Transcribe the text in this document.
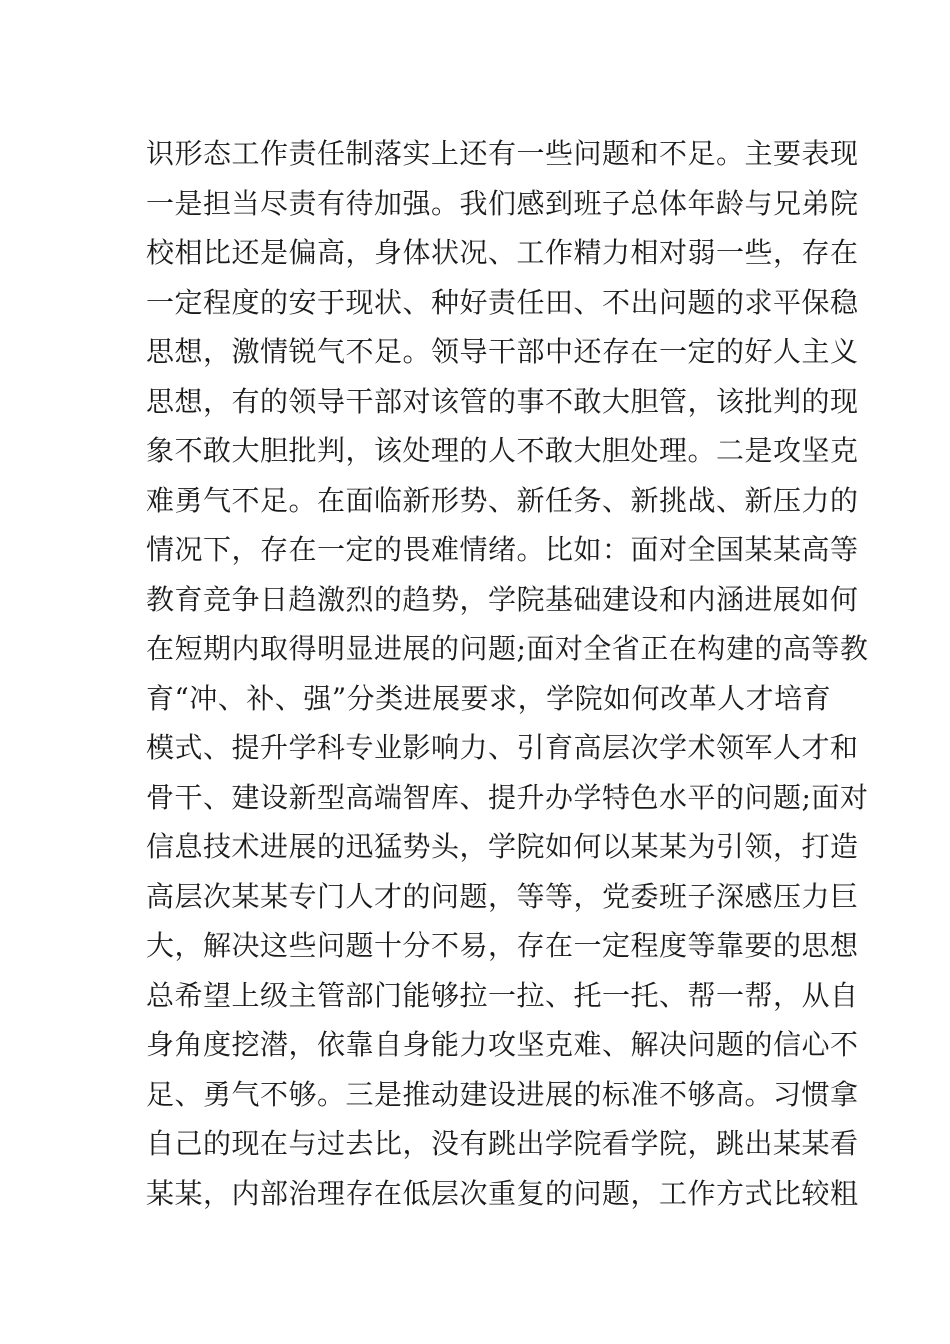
识形态工作责任制落实上还有一些问题和不足。主要表现
一是担当尽责有待加强。我们感到班子总体年龄与兄弟院
校相比还是偏高，身体状况、工作精力相对弱一些，存在
一定程度的安于现状、种好责任田、不出问题的求平保稳
思想，激情锐气不足。领导干部中还存在一定的好人主义
思想，有的领导干部对该管的事不敢大胆管，该批判的现
象不敢大胆批判，该处理的人不敢大胆处理。二是攻坚克
难勇气不足。在面临新形势、新任务、新挑战、新压力的
情况下，存在一定的畏难情绪。比如：面对全国某某高等
教育竞争日趋激烈的趋势，学院基础建设和内涵进展如何
在短期内取得明显进展的问题;面对全省正在构建的高等教
育“冲、补、强”分类进展要求，学院如何改革人才培育
模式、提升学科专业影响力、引育高层次学术领军人才和
骨干、建设新型高端智库、提升办学特色水平的问题;面对
信息技术进展的迅猛势头，学院如何以某某为引领，打造
高层次某某专门人才的问题，等等，党委班子深感压力巨
大，解决这些问题十分不易，存在一定程度等靠要的思想
总希望上级主管部门能够拉一拉、托一托、帮一帮，从自
身角度挖潜，依靠自身能力攻坚克难、解决问题的信心不
足、勇气不够。三是推动建设进展的标准不够高。习惯拿
自己的现在与过去比，没有跳出学院看学院，跳出某某看
某某，内部治理存在低层次重复的问题，工作方式比较粗
